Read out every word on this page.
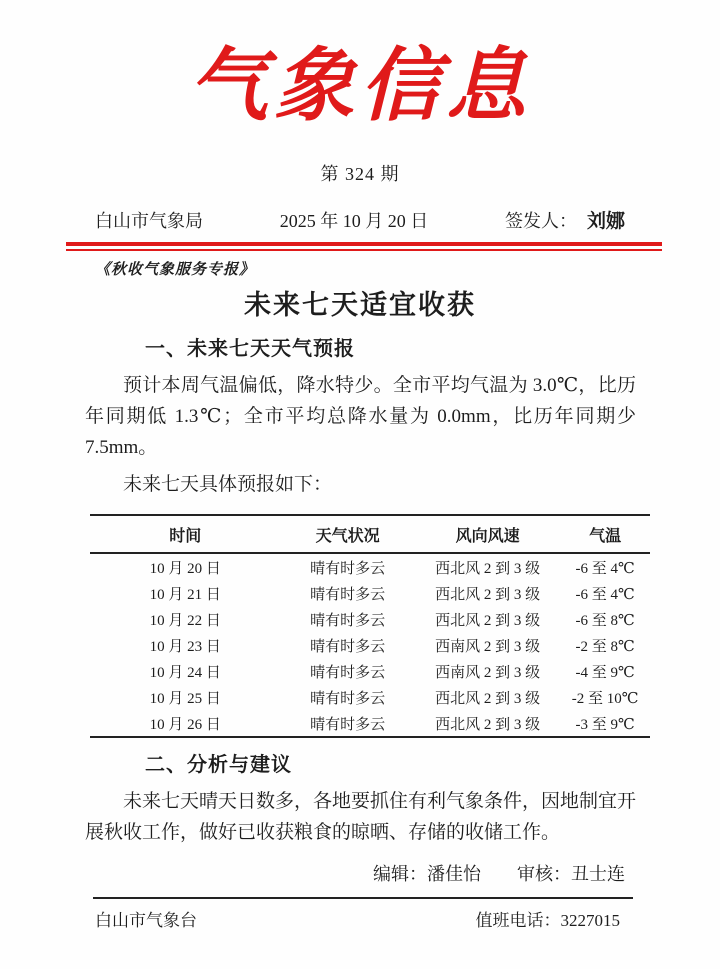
气象信息
第 324 期
白山市气象局	2025 年 10 月 20 日	签发人： 刘娜
《秋收气象服务专报》
未来七天适宜收获
一、未来七天天气预报
预计本周气温偏低，降水特少。全市平均气温为 3.0℃，比历年同期低 1.3℃；全市平均总降水量为 0.0mm，比历年同期少 7.5mm。
未来七天具体预报如下：
时间	天气状况	风向风速	气温
10 月 20 日	晴有时多云	西北风 2 到 3 级	-6 至 4℃
10 月 21 日	晴有时多云	西北风 2 到 3 级	-6 至 4℃
10 月 22 日	晴有时多云	西北风 2 到 3 级	-6 至 8℃
10 月 23 日	晴有时多云	西南风 2 到 3 级	-2 至 8℃
10 月 24 日	晴有时多云	西南风 2 到 3 级	-4 至 9℃
10 月 25 日	晴有时多云	西北风 2 到 3 级	-2 至 10℃
10 月 26 日	晴有时多云	西北风 2 到 3 级	-3 至 9℃
二、分析与建议
未来七天晴天日数多，各地要抓住有利气象条件，因地制宜开展秋收工作，做好已收获粮食的晾晒、存储的收储工作。
编辑：潘佳怡 审核：丑士连
白山市气象台	值班电话：3227015
